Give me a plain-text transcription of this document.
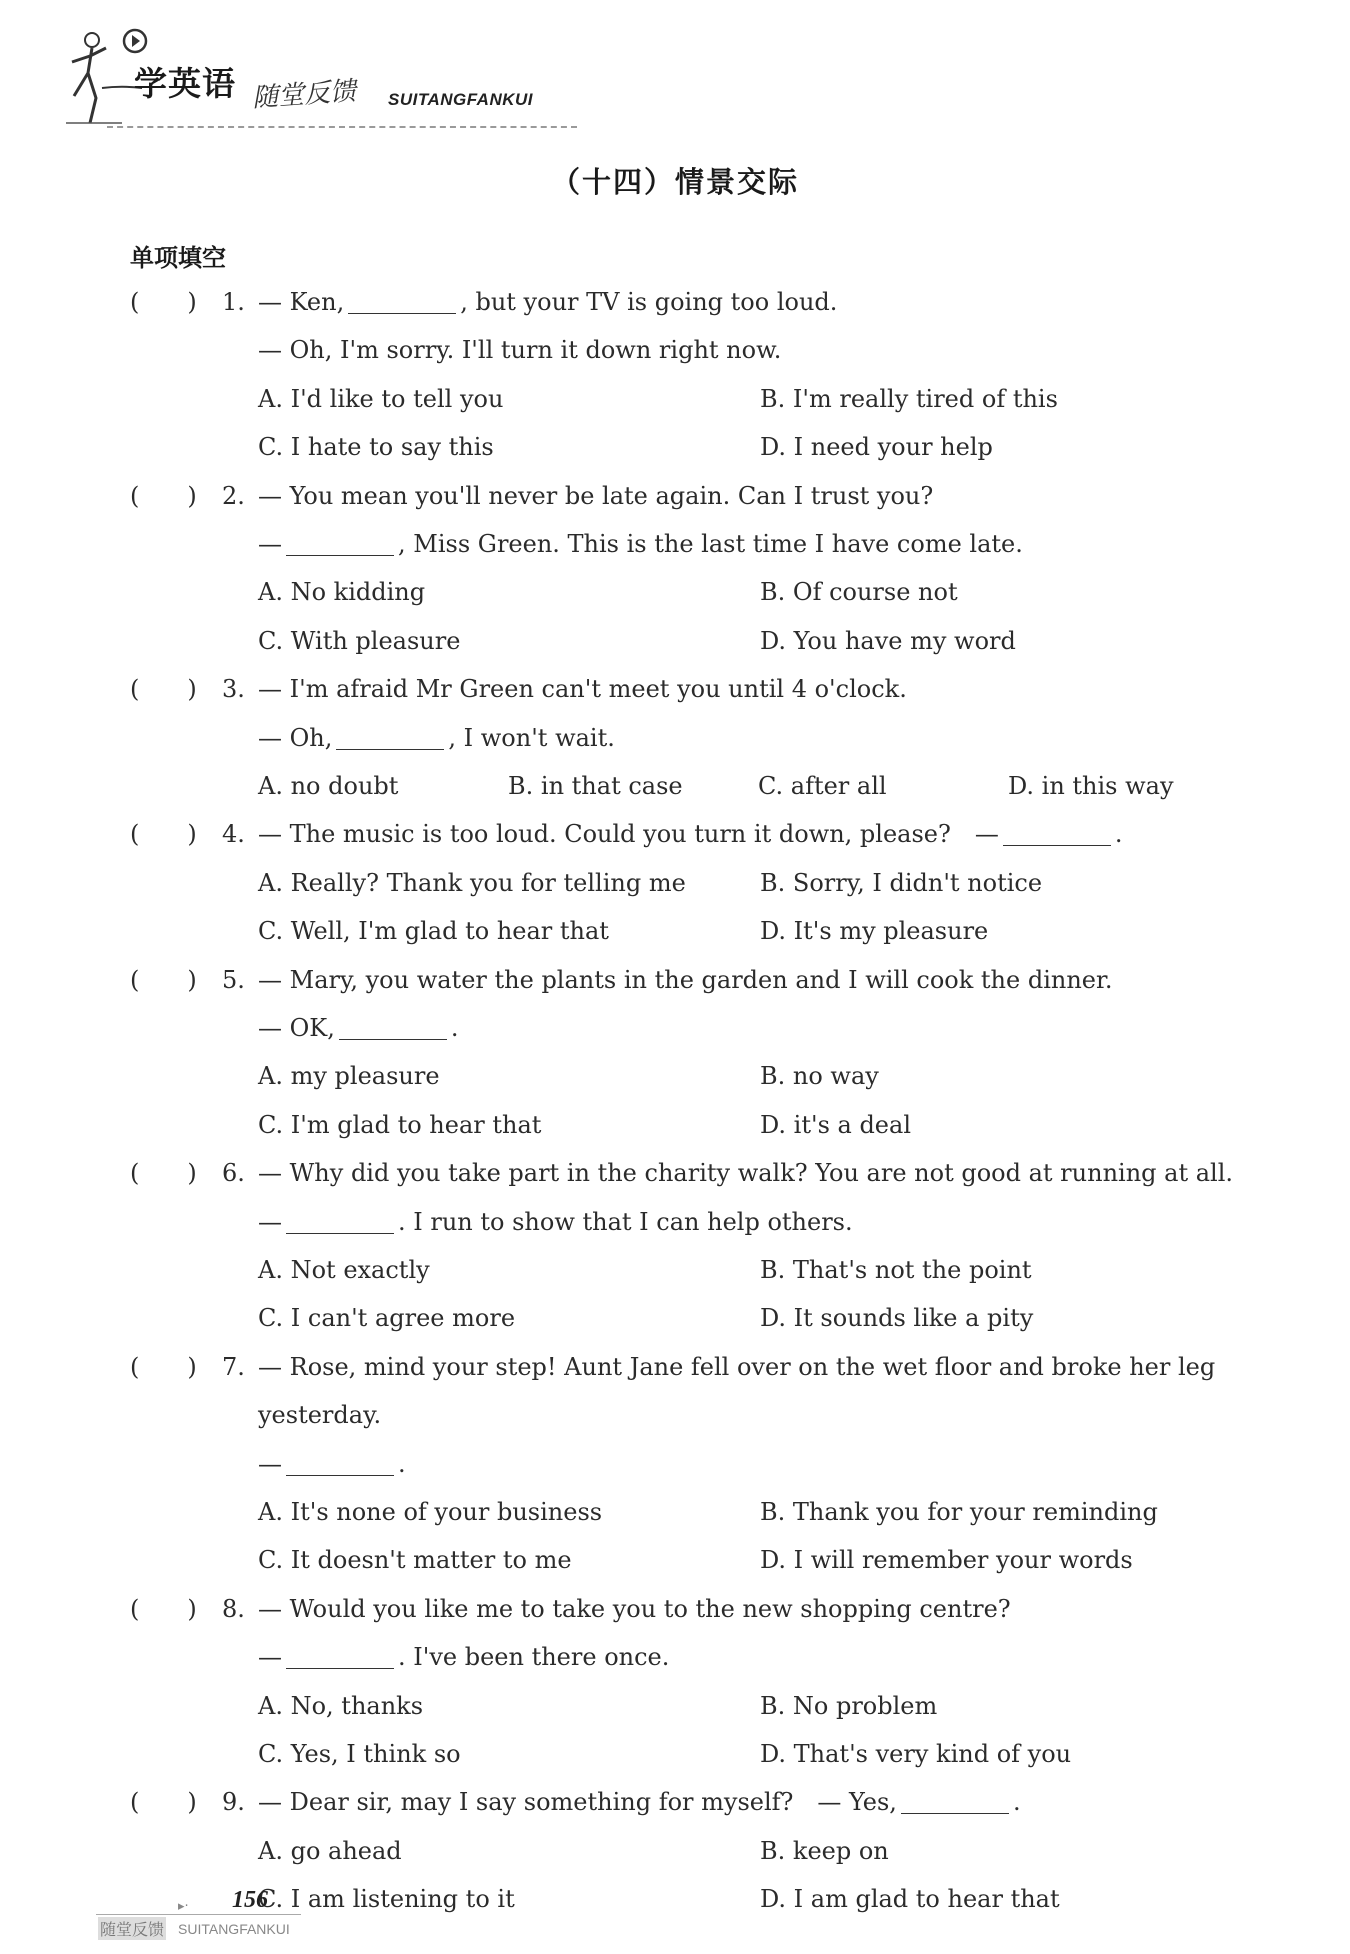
学英语 随堂反馈 SUITANGFANKUI
（十四）情景交际
单项填空
(　　) 1. — Ken,	, but your TV is going too loud.
— Oh, I'm sorry. I'll turn it down right now.
A. I'd like to tell you	B. I'm really tired of this
C. I hate to say this	D. I need your help
(　　) 2. — You mean you'll never be late again. Can I trust you?
—	, Miss Green. This is the last time I have come late.
A. No kidding	B. Of course not
C. With pleasure	D. You have my word
(　　) 3. — I'm afraid Mr Green can't meet you until 4 o'clock.
— Oh,	, I won't wait.
A. no doubt	B. in that case	C. after all	D. in this way
(　　) 4. — The music is too loud. Could you turn it down, please?　—	.
A. Really? Thank you for telling me	B. Sorry, I didn't notice
C. Well, I'm glad to hear that	D. It's my pleasure
(　　) 5. — Mary, you water the plants in the garden and I will cook the dinner.
— OK,	.
A. my pleasure	B. no way
C. I'm glad to hear that	D. it's a deal
(　　) 6. — Why did you take part in the charity walk? You are not good at running at all.
—	. I run to show that I can help others.
A. Not exactly	B. That's not the point
C. I can't agree more	D. It sounds like a pity
(　　) 7. — Rose, mind your step! Aunt Jane fell over on the wet floor and broke her leg
yesterday.
—	.
A. It's none of your business	B. Thank you for your reminding
C. It doesn't matter to me	D. I will remember your words
(　　) 8. — Would you like me to take you to the new shopping centre?
—	. I've been there once.
A. No, thanks	B. No problem
C. Yes, I think so	D. That's very kind of you
(　　) 9. — Dear sir, may I say something for myself?　— Yes,	.
A. go ahead	B. keep on
C. I am listening to it	D. I am glad to hear that
▸· 156
随堂反馈 SUITANGFANKUI
